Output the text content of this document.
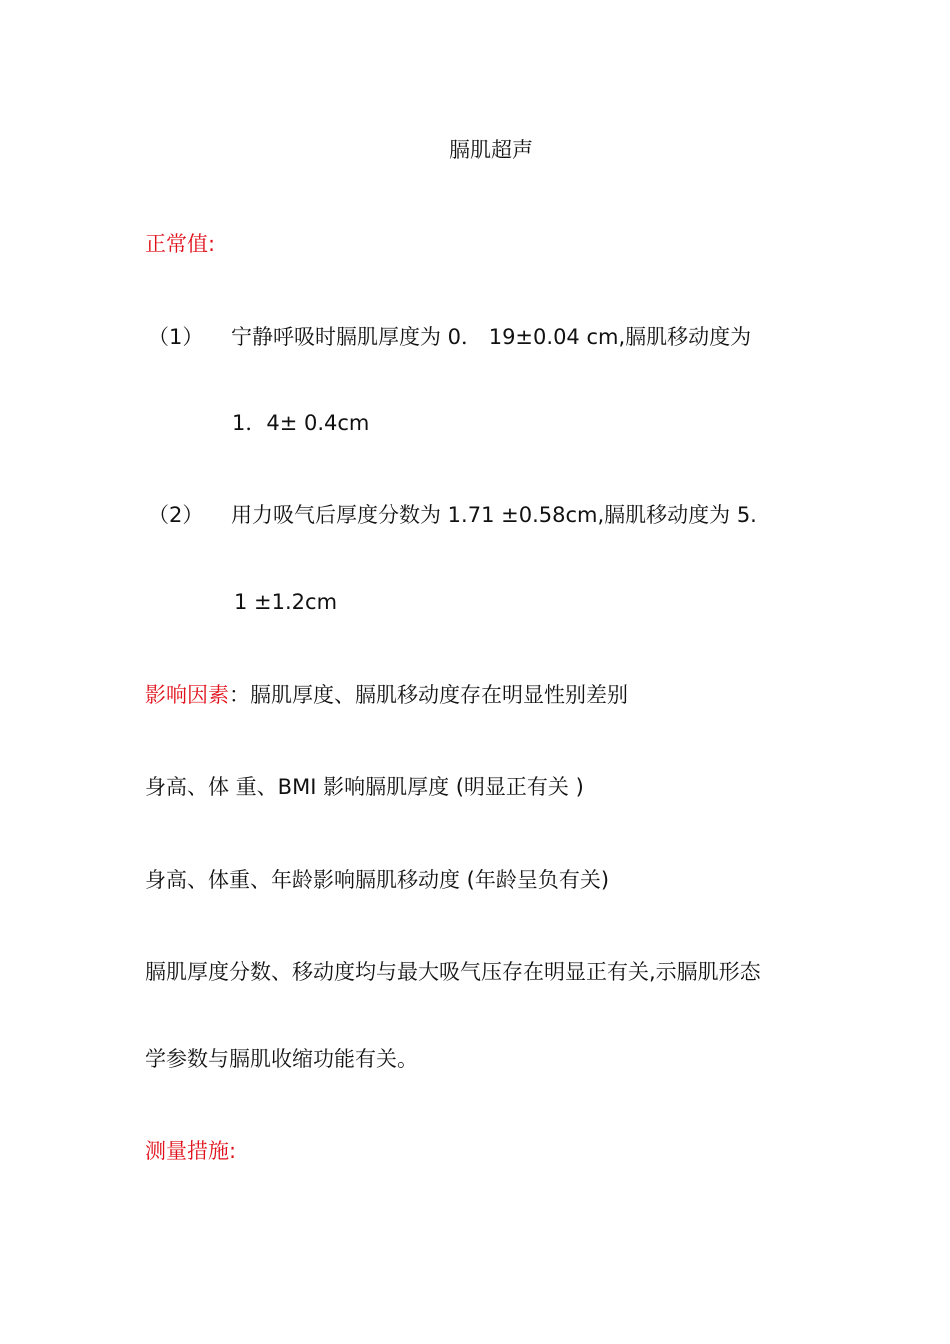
膈肌超声
正常值:
（1） 宁静呼吸时膈肌厚度为 0． 19±0.04 cm,膈肌移动度为
1．4± 0.4cm
（2） 用力吸气后厚度分数为 1.71 ±0.58cm,膈肌移动度为 5.
1 ±1.2cm
影响因素：膈肌厚度、膈肌移动度存在明显性别差别
身高、体 重、BMI 影响膈肌厚度 (明显正有关 )
身高、体重、年龄影响膈肌移动度 (年龄呈负有关)
膈肌厚度分数、移动度均与最大吸气压存在明显正有关,示膈肌形态
学参数与膈肌收缩功能有关。
测量措施:
